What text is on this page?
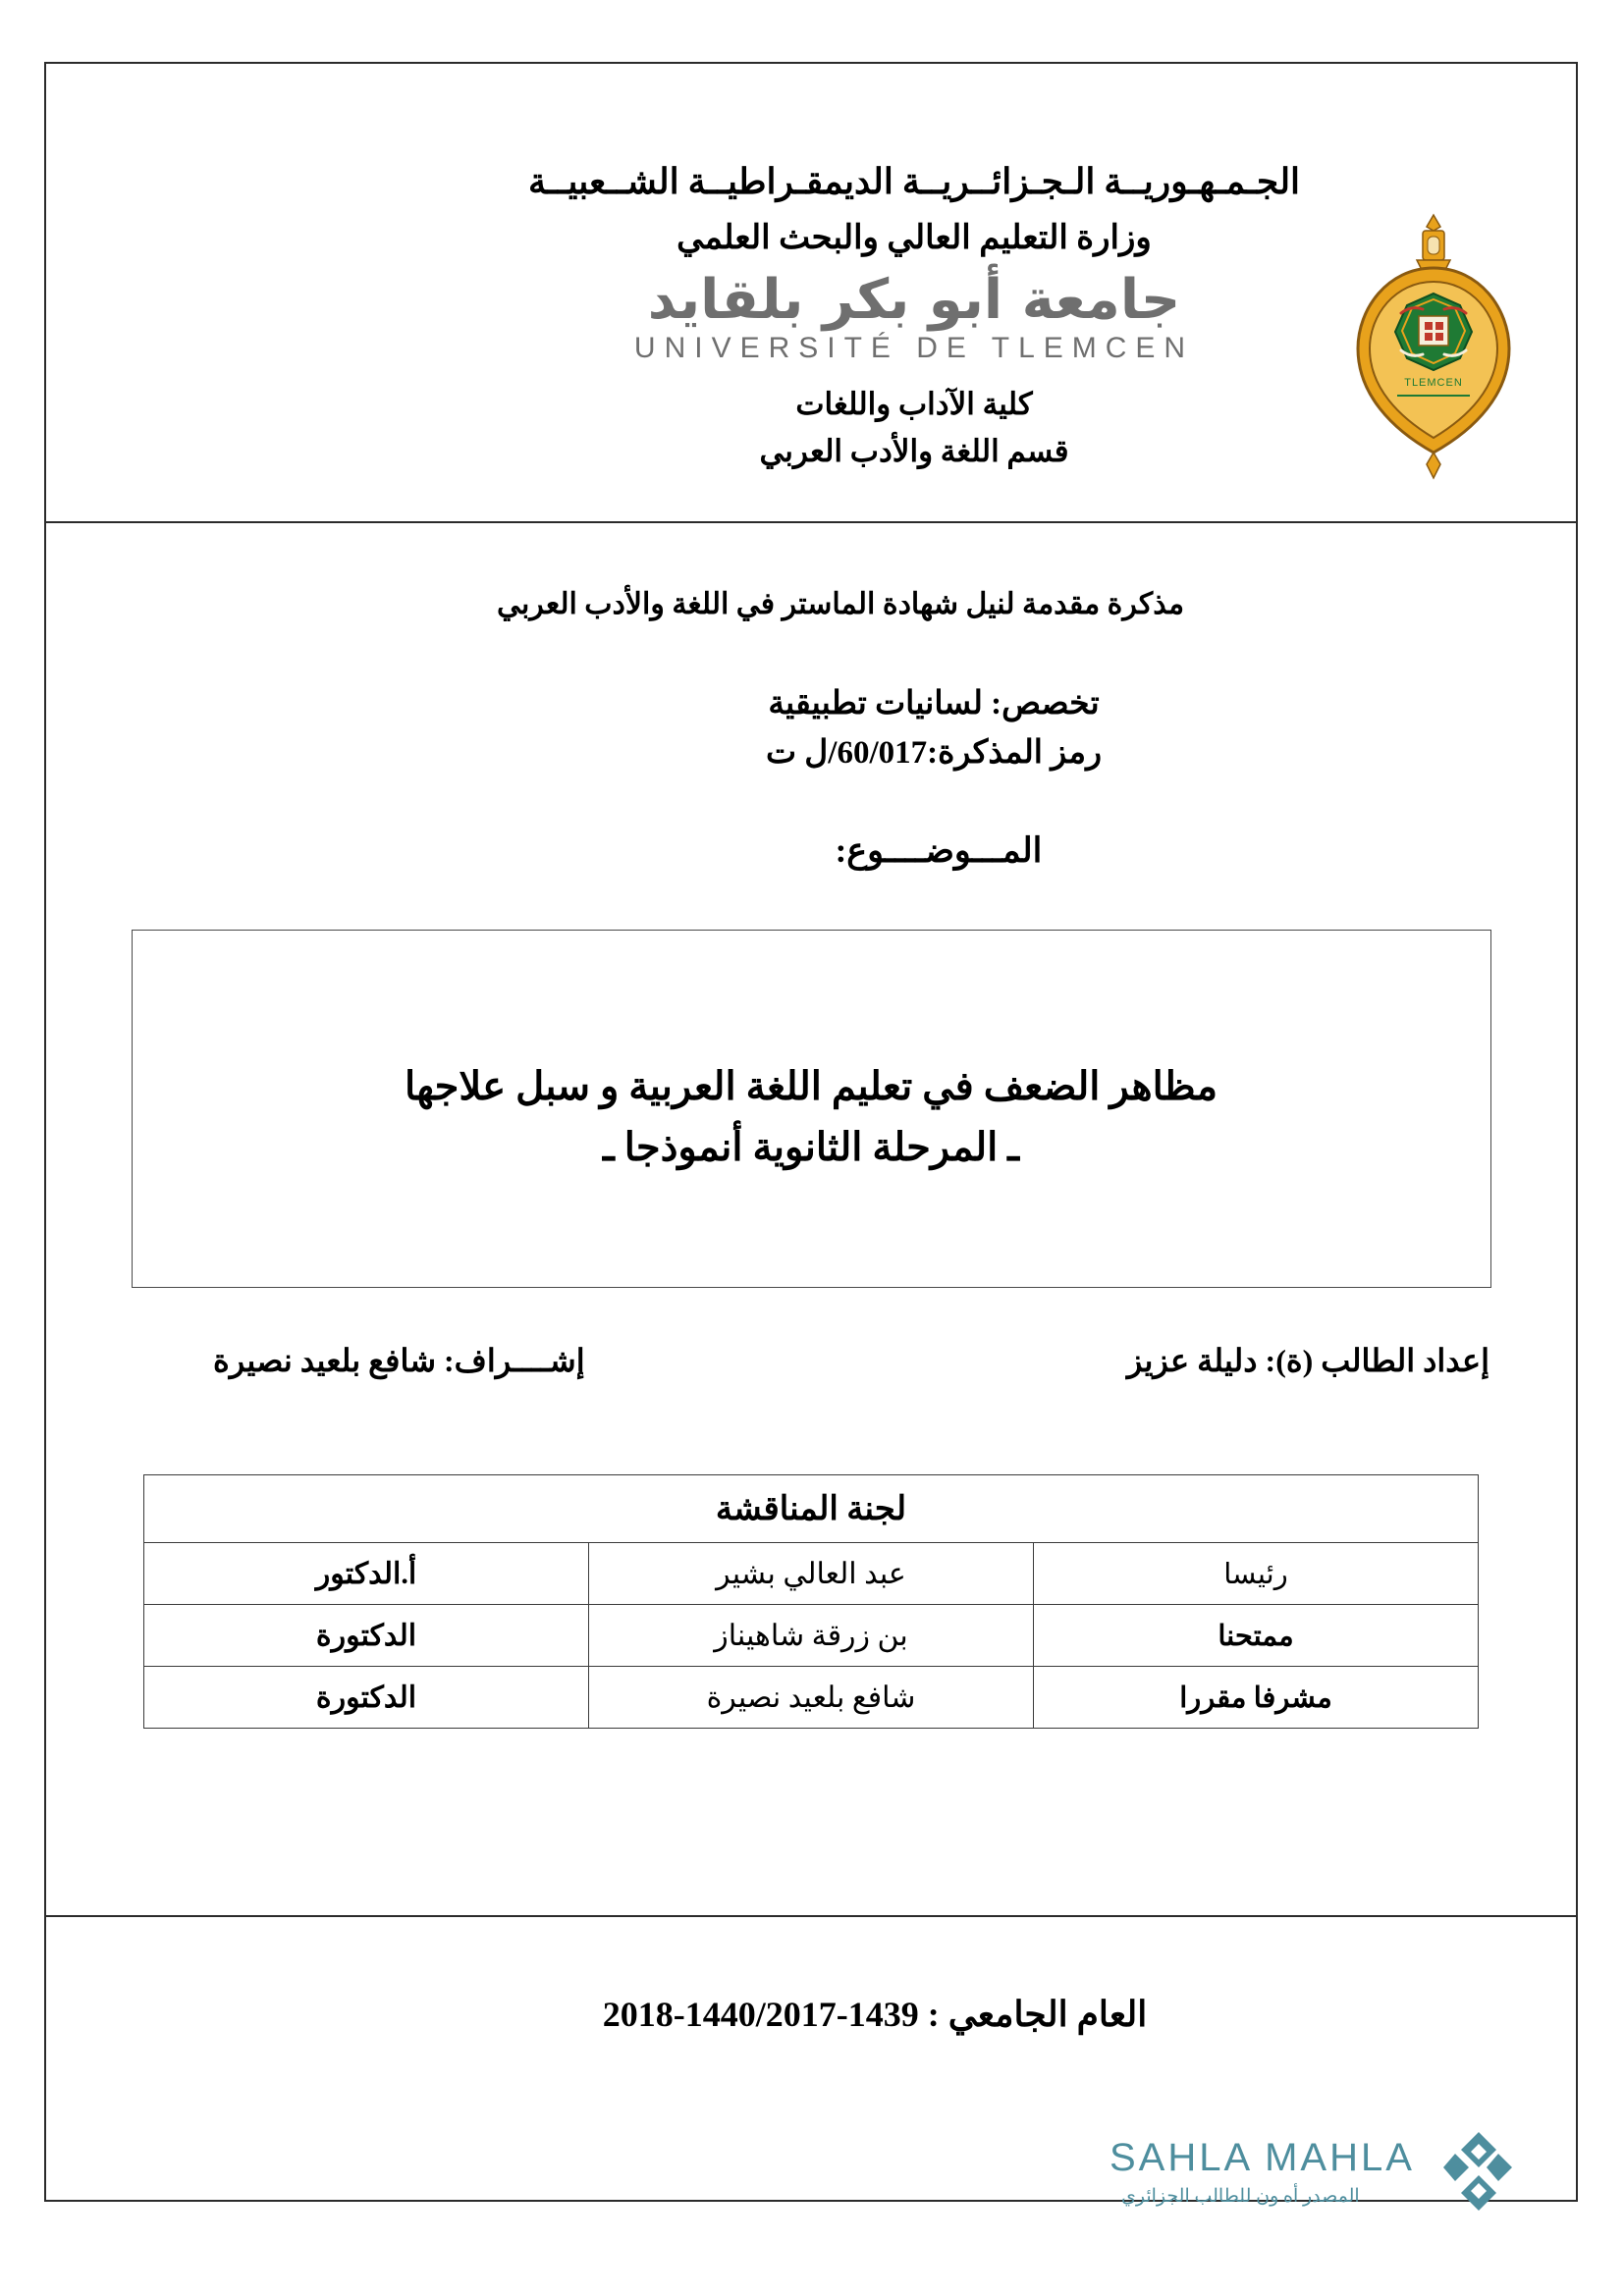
الجـمـهـوريــة الـجـزائــريــة الديمقـراطيــة الشــعبيــة
وزارة التعليم العالي والبحث العلمي
جامعة أبو بكر بلقايد
UNIVERSITÉ DE TLEMCEN
كلية الآداب واللغات
قسم اللغة والأدب العربي
TLEMCEN
مذكرة مقدمة لنيل شهادة الماستر في اللغة والأدب العربي
تخصص: لسانيات تطبيقية
رمز المذكرة:60/017/ل ت
المـــوضــــوع:
مظاهر الضعف في تعليم اللغة العربية و سبل علاجها
ـ المرحلة الثانوية أنموذجا ـ
إعداد الطالب (ة): دليلة عزيز
إشــــراف: شافع بلعيد نصيرة
لجنة المناقشة		
رئيسا	عبد العالي بشير	أ.الدكتور
ممتحنا	بن زرقة شاهيناز	الدكتورة
مشرفا مقررا	شافع بلعيد نصيرة	الدكتورة
العام الجامعي : 1439-1440/2017-2018
SAHLA MAHLA
المصدر أه ون للطالب الجزائري
